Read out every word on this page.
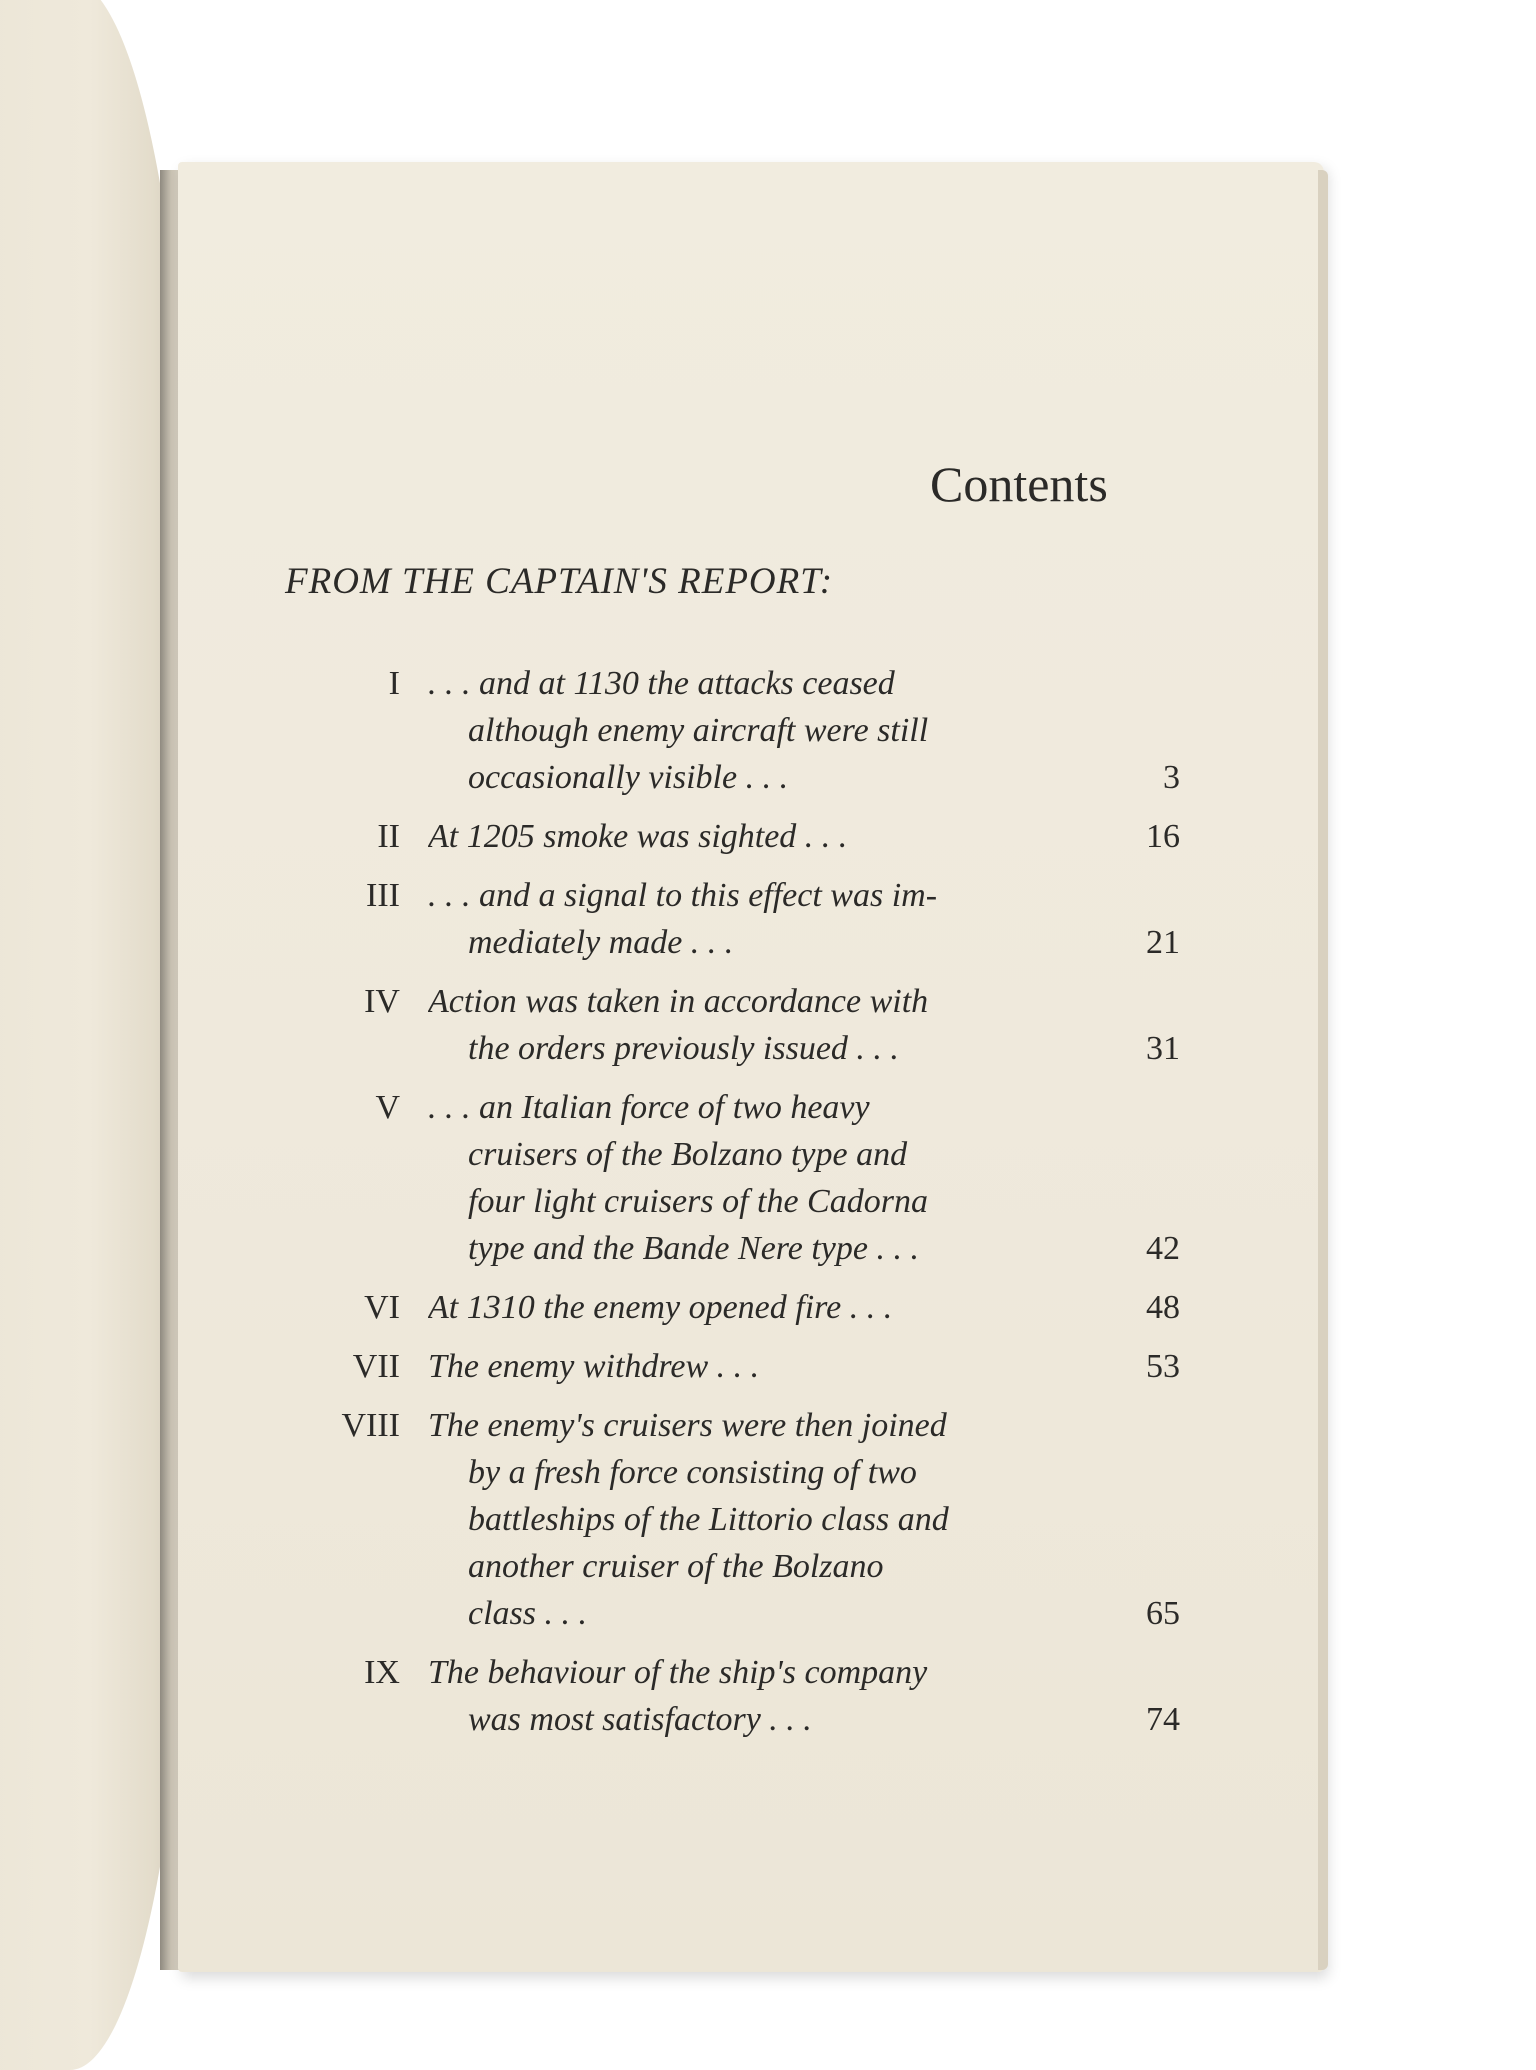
Contents
FROM THE CAPTAIN'S REPORT:
I . . . and at 1130 the attacks ceased
although enemy aircraft were still
occasionally visible . . .	3
II At 1205 smoke was sighted . . .	16
III . . . and a signal to this effect was im-
mediately made . . .	21
IV Action was taken in accordance with
the orders previously issued . . .	31
V . . . an Italian force of two heavy
cruisers of the Bolzano type and
four light cruisers of the Cadorna
type and the Bande Nere type . . .	42
VI At 1310 the enemy opened fire . . .	48
VII The enemy withdrew . . .	53
VIII The enemy's cruisers were then joined
by a fresh force consisting of two
battleships of the Littorio class and
another cruiser of the Bolzano
class . . .	65
IX The behaviour of the ship's company
was most satisfactory . . .	74
